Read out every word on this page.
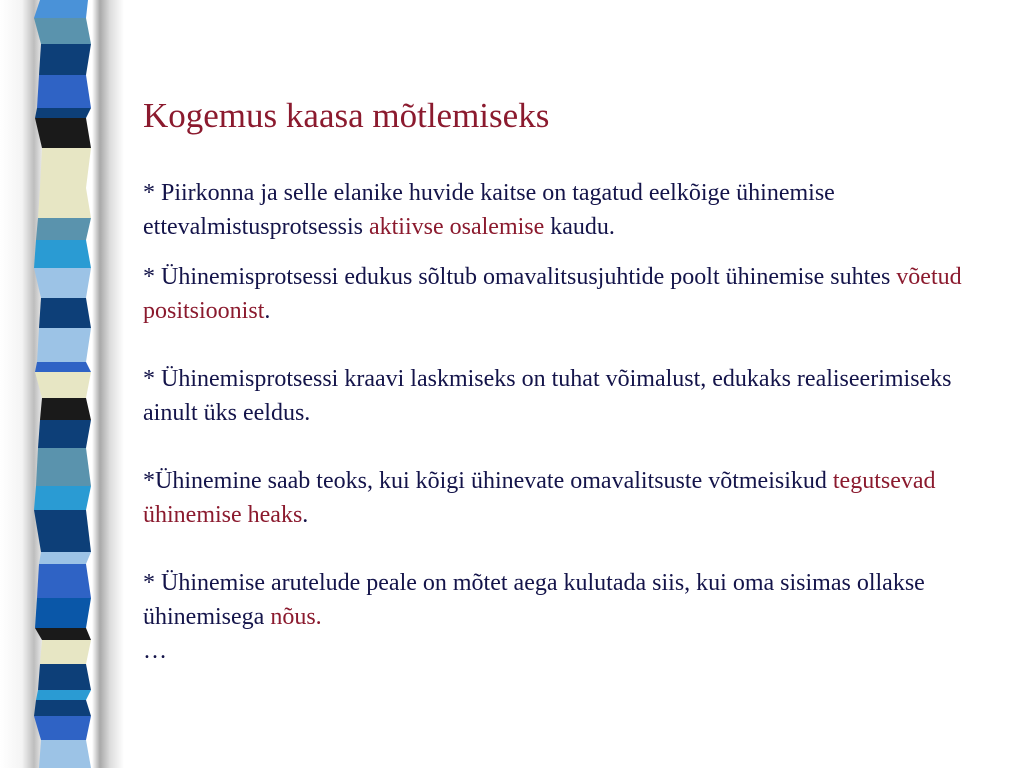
Kogemus kaasa mõtlemiseks

* Piirkonna ja selle elanike huvide kaitse on tagatud eelkõige ühinemise ettevalmistusprotsessis aktiivse osalemise kaudu.

* Ühinemisprotsessi edukus sõltub omavalitsusjuhtide poolt ühinemise suhtes võetud positsioonist.

* Ühinemisprotsessi kraavi laskmiseks on tuhat võimalust, edukaks realiseerimiseks ainult üks eeldus.

*Ühinemine saab teoks, kui kõigi ühinevate omavalitsuste võtmeisikud tegutsevad ühinemise heaks.

* Ühinemise arutelude peale on mõtet aega kulutada siis, kui oma sisimas ollakse ühinemisega nõus.

…
